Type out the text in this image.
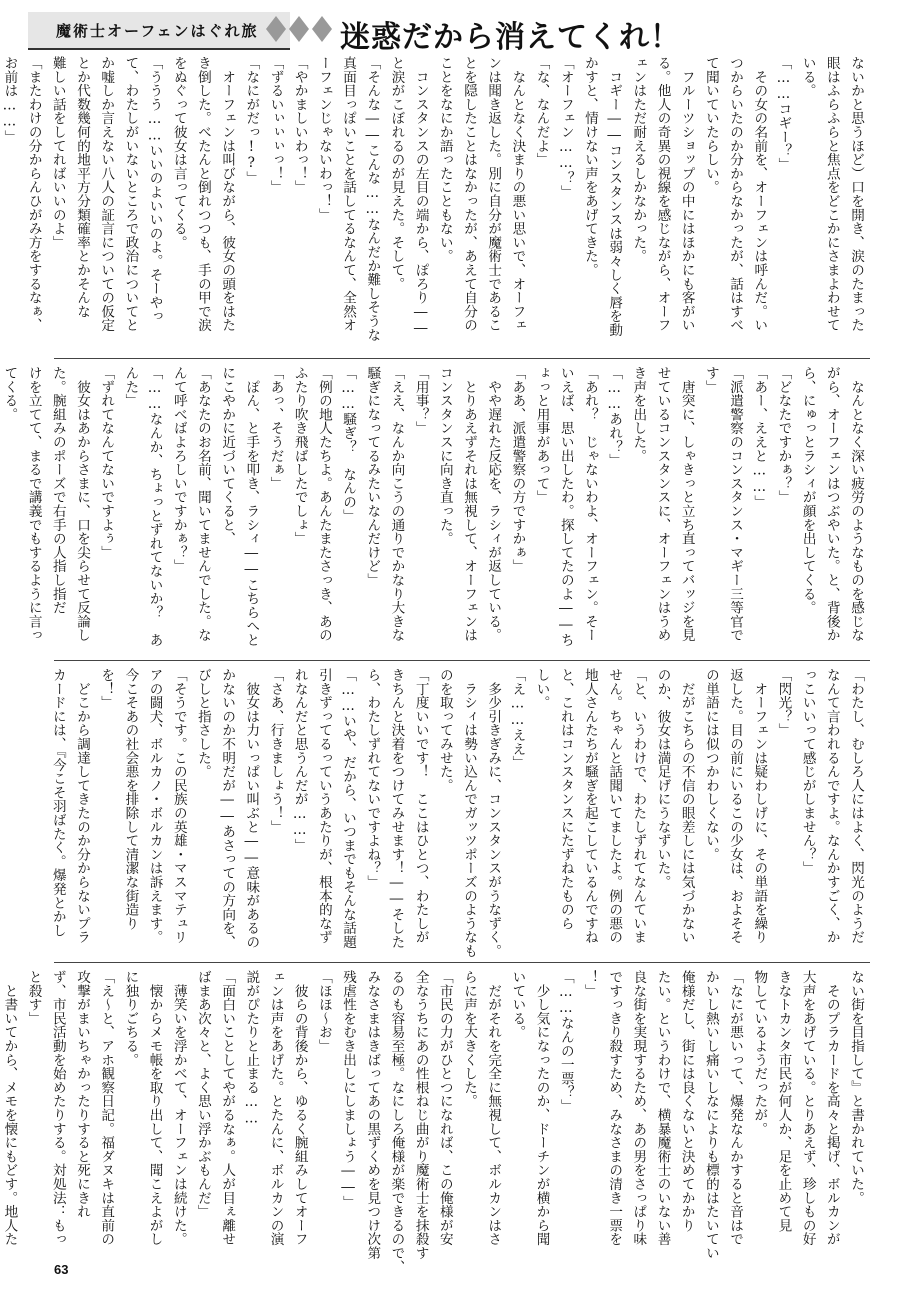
魔術士オーフェンはぐれ旅	迷惑だから消えてくれ！
ないかと思うほど）口を開き、涙のたまった
眼はふらふらと焦点をどこかにさまよわせて
いる。
「……コギー？」
　その女の名前を、オーフェンは呼んだ。い
つからいたのか分からなかったが、話はすべ
て聞いていたらしい。
　フルーツショップの中にはほかにも客がい
る。他人の奇異の視線を感じながら、オーフ
ェンはただ耐えるしかなかった。
　コギー――コンスタンスは弱々しく唇を動
かすと、情けない声をあげてきた。
「オーフェン……？」
「な、なんだよ」
　なんとなく決まりの悪い思いで、オーフェ
ンは聞き返した。別に自分が魔術士であるこ
とを隠したことはなかったが、あえて自分の
ことをなにか語ったこともない。
　コンスタンスの左目の端から、ぽろり――
と涙がこぼれるのが見えた。そして。
「そんな――こんな……なんだか難しそうな
真面目っぽいことを話してるなんて、全然オ
ーフェンじゃないわっ！」
「やかましいわっ！」
「ずるいぃぃぃっ！」
「なにがだっ!?」
　オーフェンは叫びながら、彼女の頭をはた
き倒した。べたんと倒れつつも、手の甲で涙
をぬぐって彼女は言ってくる。
「ううう……いいのよいいのよ。そーやっ
て、わたしがいないところで政治についてと
か嘘しか言えない八人の証言についての仮定
とか代数幾何的地平方分類確率とかそんな
難しい話をしてればいいのよ」
「またわけの分からんひがみ方をするなぁ、
お前は……」
　なんとなく深い疲労のようなものを感じな
がら、オーフェンはつぶやいた。と、背後か
ら、にゅっとラシィが顔を出してくる。
「どなたですかぁ？」
「あー、ええと……」
「派遣警察のコンスタンス・マギー三等官で
す」
　唐突に、しゃきっと立ち直ってバッジを見
せているコンスタンスに、オーフェンはうめ
き声を出した。
「……あれ？」
「あれ？　じゃないわよ、オーフェン。そー
いえば、思い出したわ。探してたのよ――ち
ょっと用事があって」
「ああ、派遣警察の方ですかぁ」
　やや遅れた反応を、ラシィが返している。
　とりあえずそれは無視して、オーフェンは
コンスタンスに向き直った。
「用事？」
「ええ、なんか向こうの通りでかなり大きな
騒ぎになってるみたいなんだけど」
「……騒ぎ？　なんの」
「例の地人たちよ。あんたまたさっき、あの
ふたり吹き飛ばしたでしょ」
「あっ、そうだぁ」
　ぽん、と手を叩き、ラシィ――こちらへと
にこやかに近づいてくると、
「あなたのお名前、聞いてませんでした。な
んて呼べばよろしいですかぁ？」
「……なんか、ちょっとずれてないか？　あ
んた」
「ずれてなんてないですよぅ」
　彼女はあからさまに、口を尖らせて反論し
た。腕組みのポーズで右手の人指し指だ
けを立てて、まるで講義でもするように言っ
てくる。
「わたし、むしろ人にはよく、閃光のようだ
なんて言われるんですよ。なんかすごく、か
っこいいって感じがしません？」
「閃光？」
　オーフェンは疑わしげに、その単語を繰り
返した。目の前にいるこの少女は、およそそ
の単語には似つかわしくない。
　だがこちらの不信の眼差しには気づかない
のか、彼女は満足げにうなずいた。
「と、いうわけで、わたしずれてなんていま
せん。ちゃんと話聞いてましたよ。例の悪の
地人さんたちが騒ぎを起こしているんですね
と、これはコンスタンスにたずねたものら
しい。
「え……ええ」
　多少引きぎみに、コンスタンスがうなずく。
　ラシィは勢い込んでガッツポーズのようなも
のを取ってみせた。
「丁度いいです！　ここはひとつ、わたしが
きちんと決着をつけてみせます！――そした
ら、わたしずれてないですよね？」
「……いや、だから、いつまでもそんな話題
引きずってるっていうあたりが、根本的なず
れなんだと思うんだが……」
「さあ、行きましょう！」
　彼女は力いっぱい叫ぶと――意味があるの
かないのか不明だが――あさっての方向を、
びしと指さした。
「そうです。この民族の英雄・マスマテュリ
アの闘犬、ボルカノ・ボルカンは訴えます。
今こそあの社会悪を排除して清潔な街造り
を！」
　どこから調達してきたのか分からないプラ
カードには、『今こそ羽ばたく。爆発とかし
ない街を目指して』と書かれていた。
　そのプラカードを高々と掲げ、ボルカンが
大声をあげている。とりあえず、珍しもの好
きなトカンタ市民が何人か、足を止めて見
物しているようだったが。
「なにが悪いって、爆発なんかすると音はで
かいし熱いし痛いしなによりも標的はたいてい
俺様だし、街には良くないと決めてかかり
たい。というわけで、横暴魔術士のいない善
良な街を実現するため、あの男をさっぱり味
ですっきり殺すため、みなさまの清き一票を
！」
「……なんの一票？」
　少し気になったのか、ドーチンが横から聞
いている。
　だがそれを完全に無視して、ボルカンはさ
らに声を大きくした。
「市民の力がひとつになれば、この俺様が安
全なうちにあの性根ねじ曲がり魔術士を抹殺す
るのも容易至極。なにしろ俺様が楽できるので、
みなさまはきばってあの黒ずくめを見つけ次第
残虐性をむき出しにしましょう――」
「ほほ～お」
　彼らの背後から、ゆるく腕組みしてオーフ
ェンは声をあげた。とたんに、ボルカンの演
説がぴたりと止まる……
「面白いことしてやがるなぁ。人が目ぇ離せ
ばまあ次々と、よく思い浮かぶもんだ」
　薄笑いを浮かべて、オーフェンは続けた。
　懐からメモ帳を取り出して、聞こえよがし
に独りごちる。
「え～と、アホ観察日記。福ダヌキは直前の
攻撃がまいちゃかったりすると死にきれ
ず、市民活動を始めたりする。対処法：もっ
と殺す」
　と書いてから、メモを懐にもどす。地人た
63
